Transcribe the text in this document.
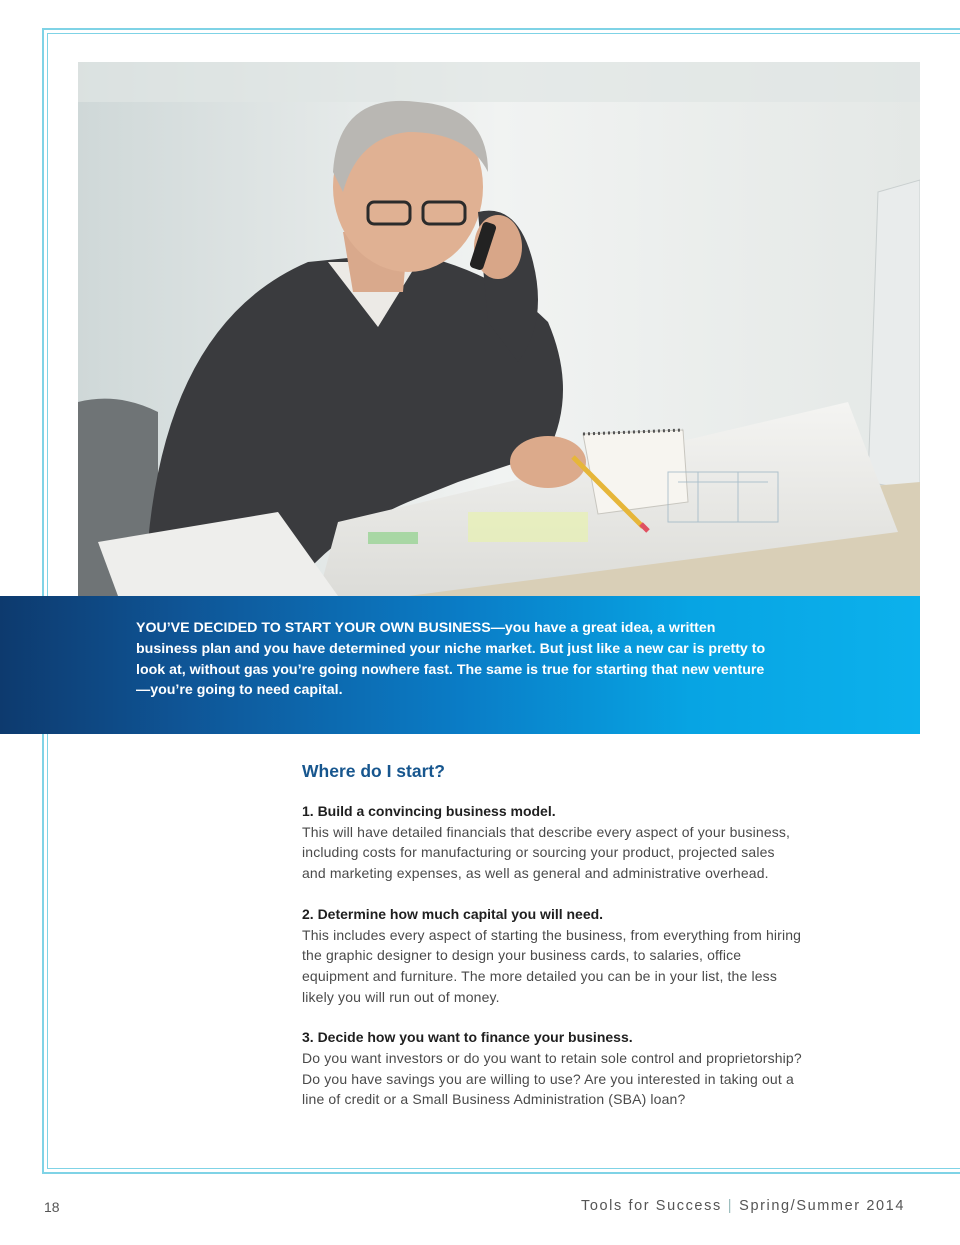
YOU’VE DECIDED TO START YOUR OWN BUSINESS—you have a great idea, a written business plan and you have determined your niche market. But just like a new car is pretty to look at, without gas you’re going nowhere fast. The same is true for starting that new venture—you’re going to need capital.

Where do I start?
1. Build a convincing business model.

This will have detailed financials that describe every aspect of your business, including costs for manufacturing or sourcing your product, projected sales and marketing expenses, as well as general and administrative overhead.

2. Determine how much capital you will need.

This includes every aspect of starting the business, from everything from hiring the graphic designer to design your business cards, to salaries, office equipment and furniture. The more detailed you can be in your list, the less likely you will run out of money.

3. Decide how you want to finance your business.

Do you want investors or do you want to retain sole control and proprietorship? Do you have savings you are willing to use? Are you interested in taking out a line of credit or a Small Business Administration (SBA) loan?

18	Tools for Success | Spring/Summer 2014
